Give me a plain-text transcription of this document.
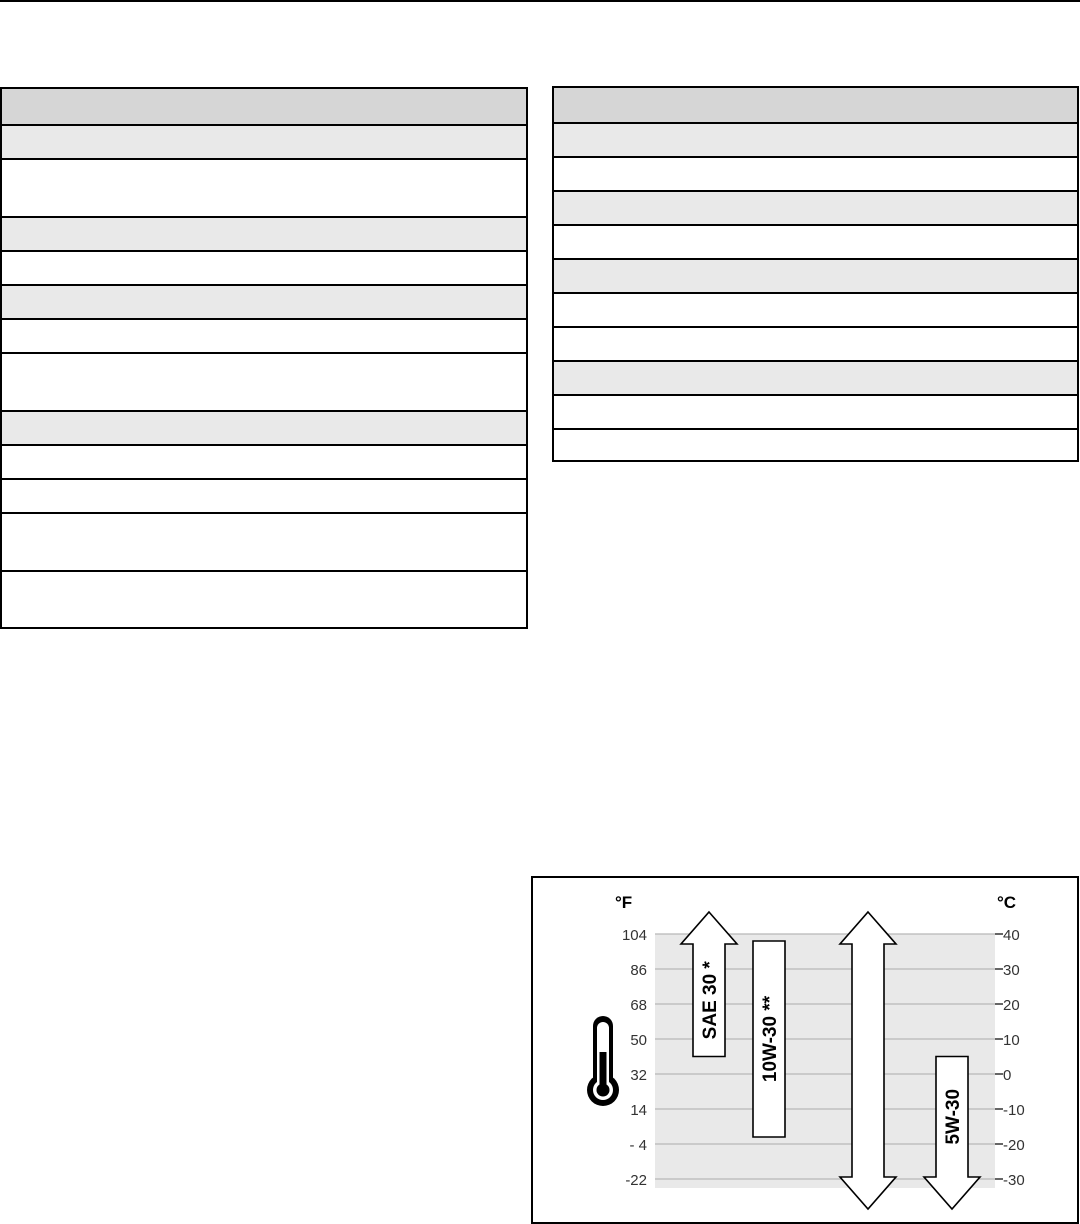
104	40
86	30
68	20
50	10
32	0
14	-10
- 4	-20
-22	-30
°F	°C
SAE 30 * 10W-30 **
5W-30
